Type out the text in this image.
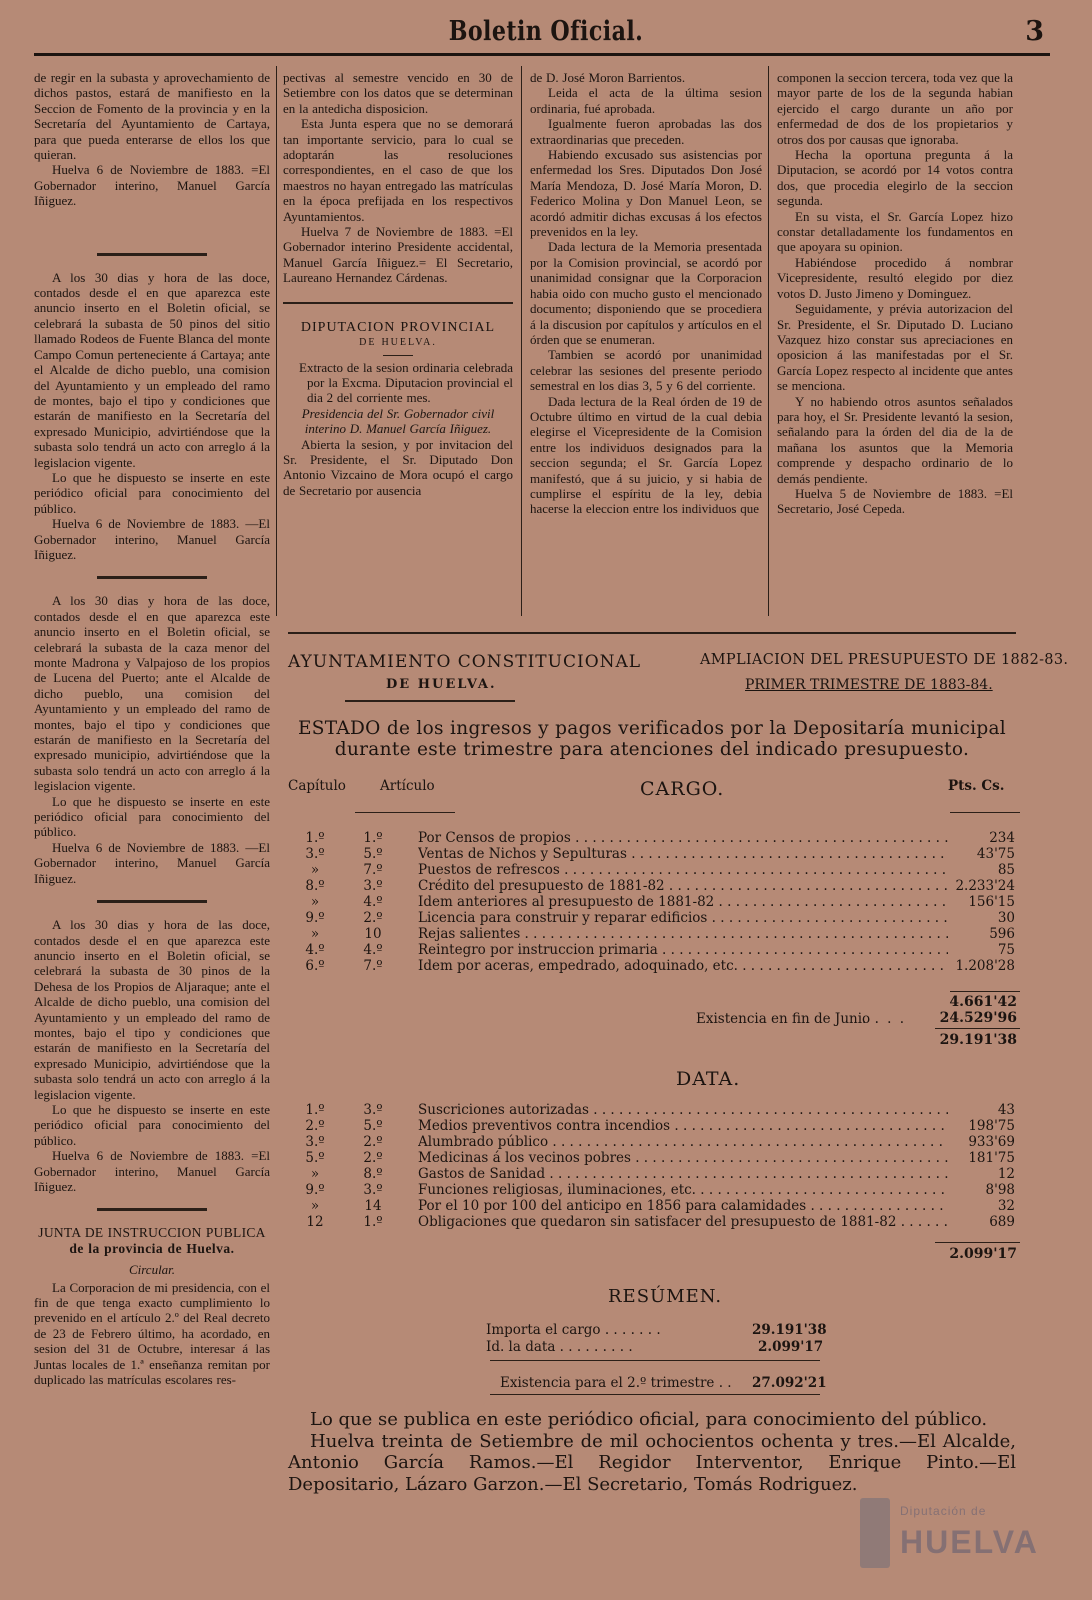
Boletin Oficial.	3

de regir en la subasta y aprovechamiento de dichos pastos, estará de manifiesto en la Seccion de Fomento de la provincia y en la Secretaría del Ayuntamiento de Cartaya, para que pueda enterarse de ellos los que quieran.

Huelva 6 de Noviembre de 1883. =El Gobernador interino, Manuel García Iñiguez.

A los 30 dias y hora de las doce, contados desde el en que aparezca este anuncio inserto en el Boletin oficial, se celebrará la subasta de 50 pinos del sitio llamado Rodeos de Fuente Blanca del monte Campo Comun perteneciente á Cartaya; ante el Alcalde de dicho pueblo, una comision del Ayuntamiento y un empleado del ramo de montes, bajo el tipo y condiciones que estarán de manifiesto en la Secretaría del expresado Municipio, advirtiéndose que la subasta solo tendrá un acto con arreglo á la legislacion vigente.

Lo que he dispuesto se inserte en este periódico oficial para conocimiento del público.

Huelva 6 de Noviembre de 1883. —El Gobernador interino, Manuel García Iñiguez.

A los 30 dias y hora de las doce, contados desde el en que aparezca este anuncio inserto en el Boletin oficial, se celebrará la subasta de la caza menor del monte Madrona y Valpajoso de los propios de Lucena del Puerto; ante el Alcalde de dicho pueblo, una comision del Ayuntamiento y un empleado del ramo de montes, bajo el tipo y condiciones que estarán de manifiesto en la Secretaría del expresado municipio, advirtiéndose que la subasta solo tendrá un acto con arreglo á la legislacion vigente.

Lo que he dispuesto se inserte en este periódico oficial para conocimiento del público.

Huelva 6 de Noviembre de 1883. —El Gobernador interino, Manuel García Iñiguez.

A los 30 dias y hora de las doce, contados desde el en que aparezca este anuncio inserto en el Boletin oficial, se celebrará la subasta de 30 pinos de la Dehesa de los Propios de Aljaraque; ante el Alcalde de dicho pueblo, una comision del Ayuntamiento y un empleado del ramo de montes, bajo el tipo y condiciones que estarán de manifiesto en la Secretaría del expresado Municipio, advirtiéndose que la subasta solo tendrá un acto con arreglo á la legislacion vigente.

Lo que he dispuesto se inserte en este periódico oficial para conocimiento del público.

Huelva 6 de Noviembre de 1883. =El Gobernador interino, Manuel García Iñiguez.

JUNTA DE INSTRUCCION PUBLICA
de la provincia de Huelva.
Circular.

La Corporacion de mi presidencia, con el fin de que tenga exacto cumplimiento lo prevenido en el artículo 2.º del Real decreto de 23 de Febrero último, ha acordado, en sesion del 31 de Octubre, interesar á las Juntas locales de 1.ª enseñanza remitan por duplicado las matrículas escolares res-

pectivas al semestre vencido en 30 de Setiembre con los datos que se determinan en la antedicha disposicion.

Esta Junta espera que no se demorará tan importante servicio, para lo cual se adoptarán las resoluciones correspondientes, en el caso de que los maestros no hayan entregado las matrículas en la época prefijada en los respectivos Ayuntamientos.

Huelva 7 de Noviembre de 1883. =El Gobernador interino Presidente accidental, Manuel García Iñiguez.= El Secretario, Laureano Hernandez Cárdenas.

DIPUTACION PROVINCIAL
DE HUELVA.

Extracto de la sesion ordinaria celebrada por la Excma. Diputacion provincial el dia 2 del corriente mes.

Presidencia del Sr. Gobernador civil interino D. Manuel García Iñiguez.

Abierta la sesion, y por invitacion del Sr. Presidente, el Sr. Diputado Don Antonio Vizcaino de Mora ocupó el cargo de Secretario por ausencia

de D. José Moron Barrientos.

Leida el acta de la última sesion ordinaria, fué aprobada.

Igualmente fueron aprobadas las dos extraordinarias que preceden.

Habiendo excusado sus asistencias por enfermedad los Sres. Diputados Don José María Mendoza, D. José María Moron, D. Federico Molina y Don Manuel Leon, se acordó admitir dichas excusas á los efectos prevenidos en la ley.

Dada lectura de la Memoria presentada por la Comision provincial, se acordó por unanimidad consignar que la Corporacion habia oido con mucho gusto el mencionado documento; disponiendo que se procediera á la discusion por capítulos y artículos en el órden que se enumeran.

Tambien se acordó por unanimidad celebrar las sesiones del presente periodo semestral en los dias 3, 5 y 6 del corriente.

Dada lectura de la Real órden de 19 de Octubre último en virtud de la cual debia elegirse el Vicepresidente de la Comision entre los individuos designados para la seccion segunda; el Sr. García Lopez manifestó, que á su juicio, y si habia de cumplirse el espíritu de la ley, debia hacerse la eleccion entre los individuos que

componen la seccion tercera, toda vez que la mayor parte de los de la segunda habian ejercido el cargo durante un año por enfermedad de dos de los propietarios y otros dos por causas que ignoraba.

Hecha la oportuna pregunta á la Diputacion, se acordó por 14 votos contra dos, que procedia elegirlo de la seccion segunda.

En su vista, el Sr. García Lopez hizo constar detalladamente los fundamentos en que apoyara su opinion.

Habiéndose procedido á nombrar Vicepresidente, resultó elegido por diez votos D. Justo Jimeno y Dominguez.

Seguidamente, y prévia autorizacion del Sr. Presidente, el Sr. Diputado D. Luciano Vazquez hizo constar sus apreciaciones en oposicion á las manifestadas por el Sr. García Lopez respecto al incidente que antes se menciona.

Y no habiendo otros asuntos señalados para hoy, el Sr. Presidente levantó la sesion, señalando para la órden del dia de la de mañana los asuntos que la Memoria comprende y despacho ordinario de lo demás pendiente.

Huelva 5 de Noviembre de 1883. =El Secretario, José Cepeda.

AYUNTAMIENTO CONSTITUCIONAL
DE HUELVA.
AMPLIACION DEL PRESUPUESTO DE 1882-83.
PRIMER TRIMESTRE DE 1883-84.
ESTADO de los ingresos y pagos verificados por la Depositaría municipal durante este trimestre para atenciones del indicado presupuesto.
Capítulo	Artículo	Pts. Cs.
CARGO.
1.º	1.º	Por Censos de propios . . .	234
3.º	5.º	Ventas de Nichos y Sepulturas . . .	43'75
»	7.º	Puestos de refrescos . . .	85
8.º	3.º	Crédito del presupuesto de 1881-82 . . .	2.233'24
»	4.º	Idem anteriores al presupuesto de 1881-82 . . .	156'15
9.º	2.º	Licencia para construir y reparar edificios . . .	30
»	10	Rejas salientes . . .	596
4.º	4.º	Reintegro por instruccion primaria . . .	75
6.º	7.º	Idem por aceras, empedrado, adoquinado, etc. . . .	1.208'28
4.661'42
Existencia en fin de Junio
. . . . 24.529'96
29.191'38
DATA.
1.º	3.º	Suscriciones autorizadas . . .	43
2.º	5.º	Medios preventivos contra incendios . . .	198'75
3.º	2.º	Alumbrado público . . .	933'69
5.º	2.º	Medicinas á los vecinos pobres . . .	181'75
»	8.º	Gastos de Sanidad . . .	12
9.º	3.º	Funciones religiosas, iluminaciones, etc. . . .	8'98
»	14	Por el 10 por 100 del anticipo en 1856 para calamidades . . .	32
12	1.º	Obligaciones que quedaron sin satisfacer del presupuesto de 1881-82 . . .	689
2.099'17
RESÚMEN.
Importa el cargo . . . . . . .	29.191'38
Id. la data . . . . . . . . .	2.099'17
Existencia para el 2.º trimestre . . 27.092'21

Lo que se publica en este periódico oficial, para conocimiento del público.

Huelva treinta de Setiembre de mil ochocientos ochenta y tres.—El Alcalde, Antonio García Ramos.—El Regidor Interventor, Enrique Pinto.—El Depositario, Lázaro Garzon.—El Secretario, Tomás Rodriguez.

Diputación de
HUELVA
